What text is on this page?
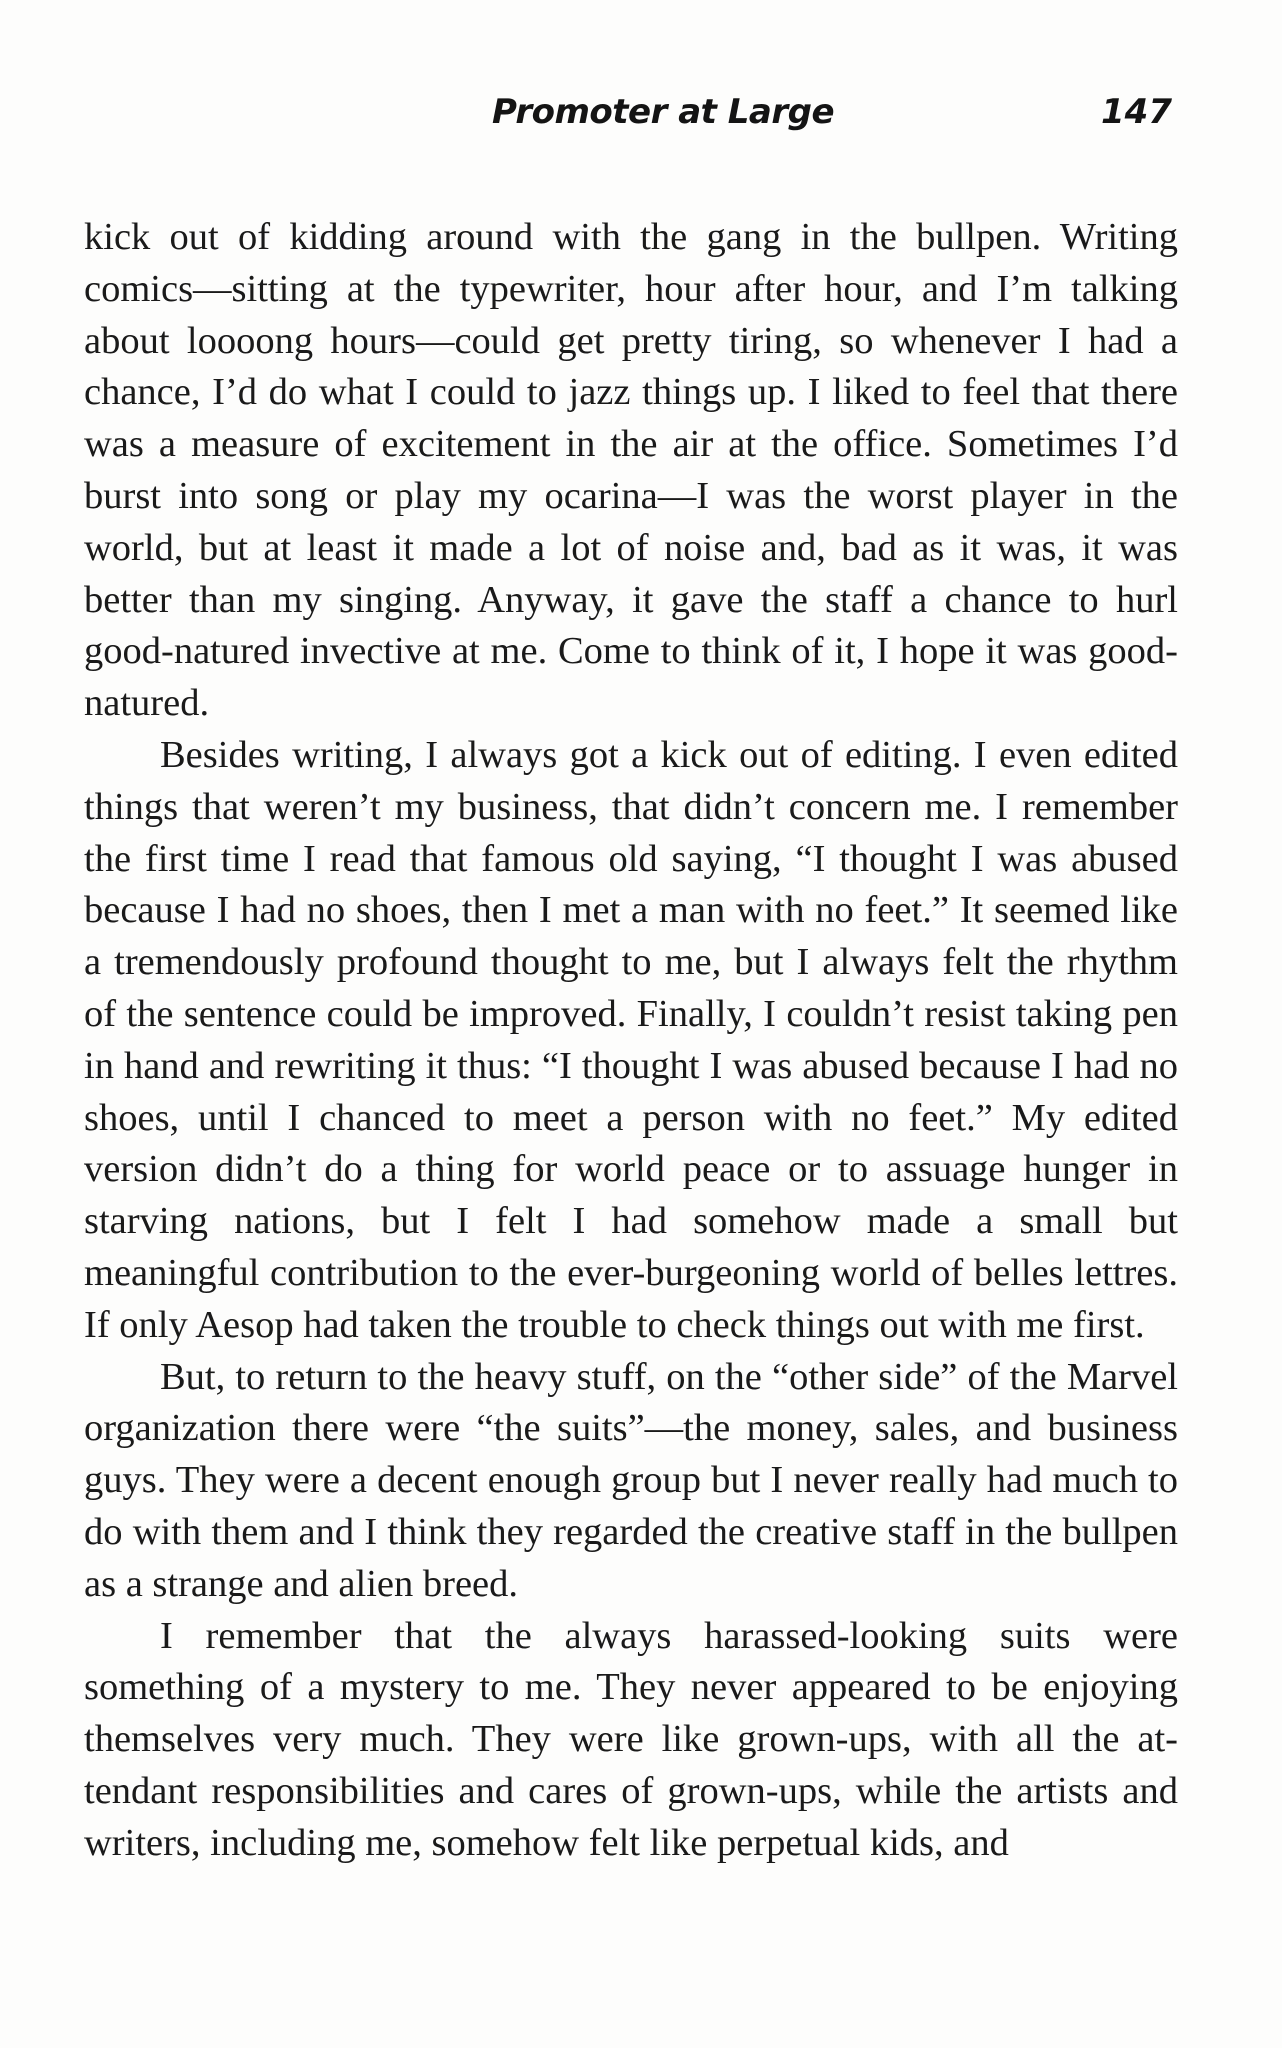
Promoter at Large	147

kick out of kidding around with the gang in the bullpen. Writing comics—sitting at the typewriter, hour after hour, and I’m talking about loooong hours—could get pretty tiring, so whenever I had a chance, I’d do what I could to jazz things up. I liked to feel that there was a measure of excitement in the air at the office. Sometimes I’d burst into song or play my ocarina—I was the worst player in the world, but at least it made a lot of noise and, bad as it was, it was better than my singing. Anyway, it gave the staff a chance to hurl good-natured invective at me. Come to think of it, I hope it was good-natured.

Besides writing, I always got a kick out of editing. I even edited things that weren’t my business, that didn’t concern me. I remember the first time I read that famous old saying, “I thought I was abused because I had no shoes, then I met a man with no feet.” It seemed like a tremendously profound thought to me, but I always felt the rhythm of the sentence could be improved. Finally, I couldn’t resist taking pen in hand and rewriting it thus: “I thought I was abused because I had no shoes, until I chanced to meet a person with no feet.” My edited version didn’t do a thing for world peace or to assuage hunger in starving nations, but I felt I had somehow made a small but meaningful contribution to the ever-burgeoning world of belles lettres. If only Aesop had taken the trouble to check things out with me first.

But, to return to the heavy stuff, on the “other side” of the Marvel organization there were “the suits”—the money, sales, and business guys. They were a decent enough group but I never really had much to do with them and I think they regarded the creative staff in the bullpen as a strange and alien breed.

I remember that the always harassed-looking suits were something of a mystery to me. They never appeared to be enjoying themselves very much. They were like grown-ups, with all the attendant responsibilities and cares of grown-ups, while the artists and writers, including me, somehow felt like perpetual kids, and
